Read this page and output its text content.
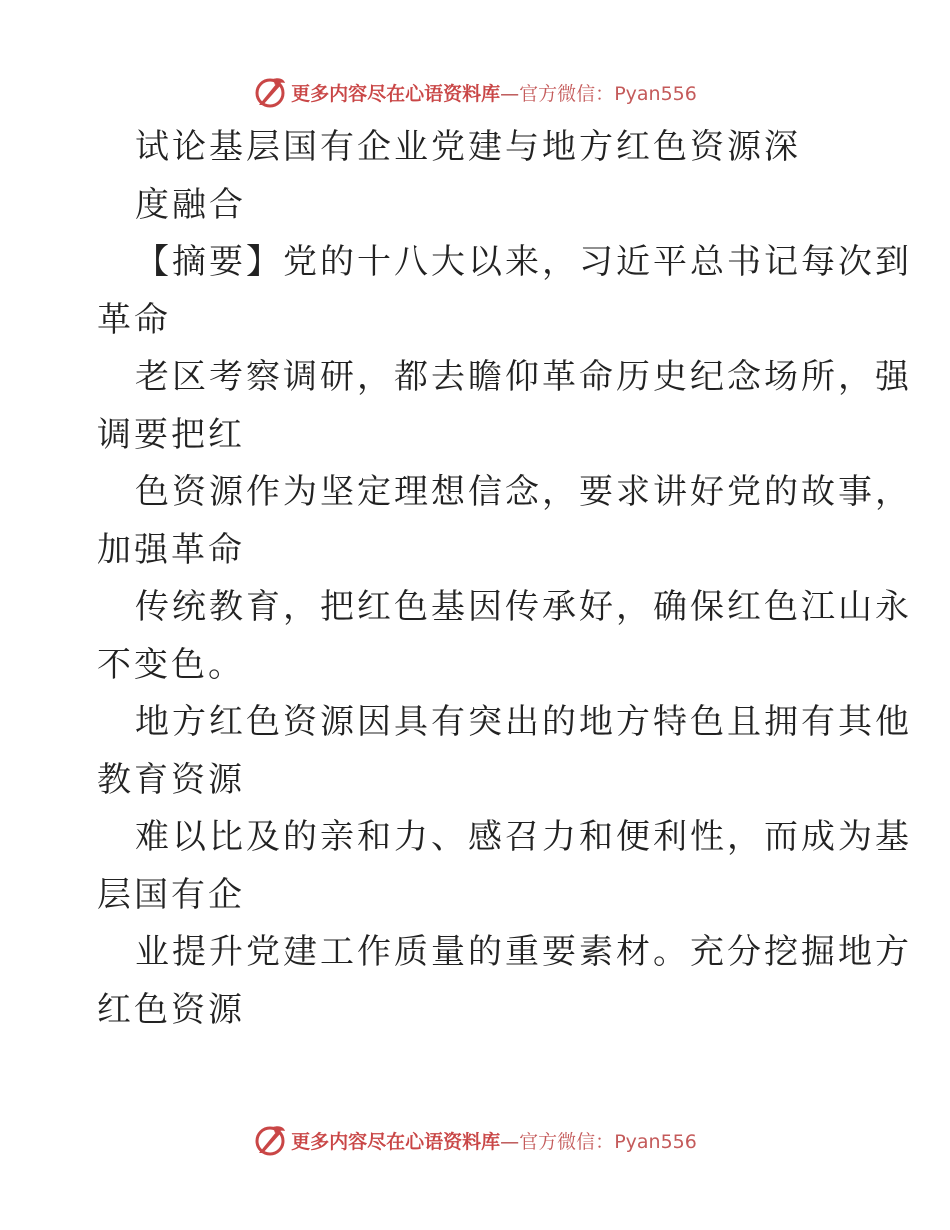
更多内容尽在心语资料库—官方微信：Pyan556
试论基层国有企业党建与地方红色资源深
度融合
【摘要】党的十八大以来，习近平总书记每次到
革命
老区考察调研，都去瞻仰革命历史纪念场所，强
调要把红
色资源作为坚定理想信念，要求讲好党的故事，
加强革命
传统教育，把红色基因传承好，确保红色江山永
不变色。
地方红色资源因具有突出的地方特色且拥有其他
教育资源
难以比及的亲和力、感召力和便利性，而成为基
层国有企
业提升党建工作质量的重要素材。充分挖掘地方
红色资源
更多内容尽在心语资料库—官方微信：Pyan556
